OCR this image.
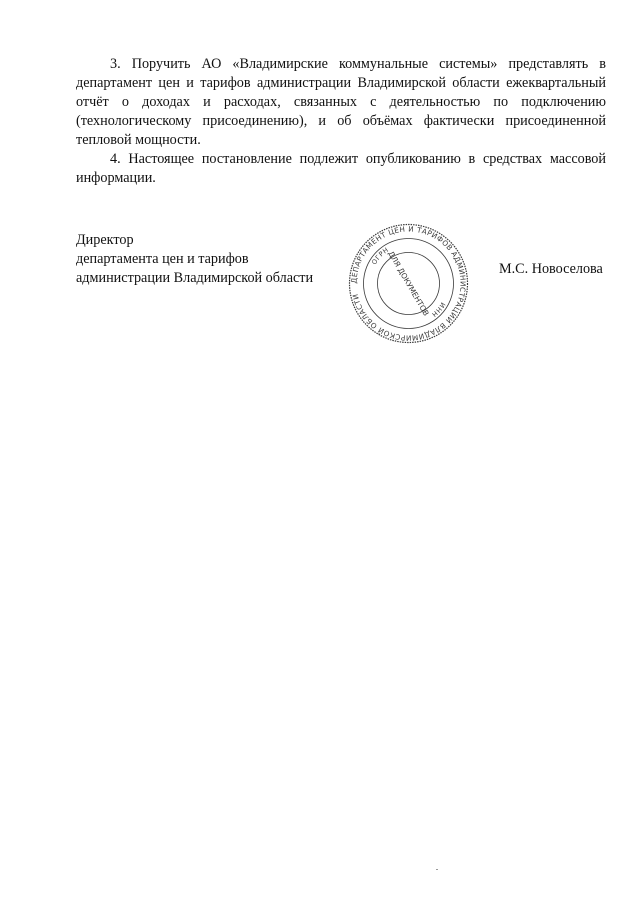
3. Поручить АО «Владимирские коммунальные системы» представлять в
департамент цен и тарифов администрации Владимирской области ежеквартальный
отчёт о доходах и расходах, связанных с деятельностью по подключению
(технологическому присоединению), и об объёмах фактически присоединенной
тепловой мощности.
4. Настоящее постановление подлежит опубликованию в средствах массовой
информации.
Директор
департамента цен и тарифов
администрации Владимирской области
М.С. Новоселова
ДЕПАРТАМЕНТ ЦЕН И ТАРИФОВ АДМИНИСТРАЦИИ ВЛАДИМИРСКОЙ ОБЛАСТИ
ОГРН
ИНН
ДЛЯ ДОКУМЕНТОВ
